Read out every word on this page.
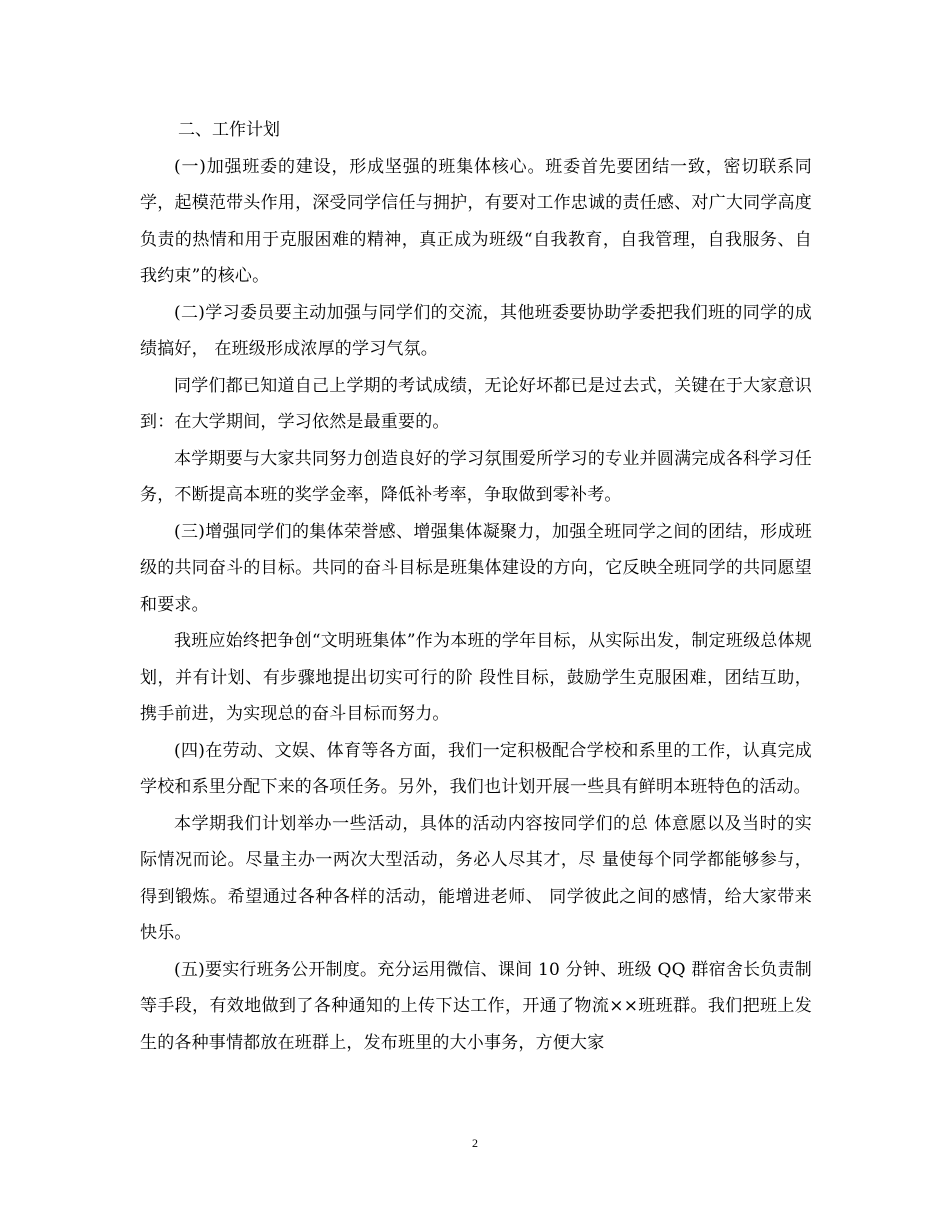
二、工作计划

(一)加强班委的建设，形成坚强的班集体核心。班委首先要团结一致，密切联系同学，起模范带头作用，深受同学信任与拥护，有要对工作忠诚的责任感、对广大同学高度负责的热情和用于克服困难的精神，真正成为班级“自我教育，自我管理，自我服务、自我约束”的核心。

(二)学习委员要主动加强与同学们的交流，其他班委要协助学委把我们班的同学的成绩搞好， 在班级形成浓厚的学习气氛。

同学们都已知道自己上学期的考试成绩，无论好坏都已是过去式，关键在于大家意识到：在大学期间，学习依然是最重要的。

本学期要与大家共同努力创造良好的学习氛围爱所学习的专业并圆满完成各科学习任务，不断提高本班的奖学金率，降低补考率，争取做到零补考。

(三)增强同学们的集体荣誉感、增强集体凝聚力，加强全班同学之间的团结，形成班级的共同奋斗的目标。共同的奋斗目标是班集体建设的方向，它反映全班同学的共同愿望和要求。

我班应始终把争创“文明班集体”作为本班的学年目标，从实际出发，制定班级总体规划，并有计划、有步骤地提出切实可行的阶 段性目标，鼓励学生克服困难，团结互助，携手前进，为实现总的奋斗目标而努力。

(四)在劳动、文娱、体育等各方面，我们一定积极配合学校和系里的工作，认真完成学校和系里分配下来的各项任务。另外，我们也计划开展一些具有鲜明本班特色的活动。

本学期我们计划举办一些活动，具体的活动内容按同学们的总 体意愿以及当时的实际情况而论。尽量主办一两次大型活动，务必人尽其才，尽 量使每个同学都能够参与，得到锻炼。希望通过各种各样的活动，能增进老师、 同学彼此之间的感情，给大家带来快乐。

(五)要实行班务公开制度。充分运用微信、课间 10 分钟、班级 QQ 群宿舍长负责制等手段，有效地做到了各种通知的上传下达工作，开通了物流××班班群。我们把班上发生的各种事情都放在班群上，发布班里的大小事务，方便大家

2
